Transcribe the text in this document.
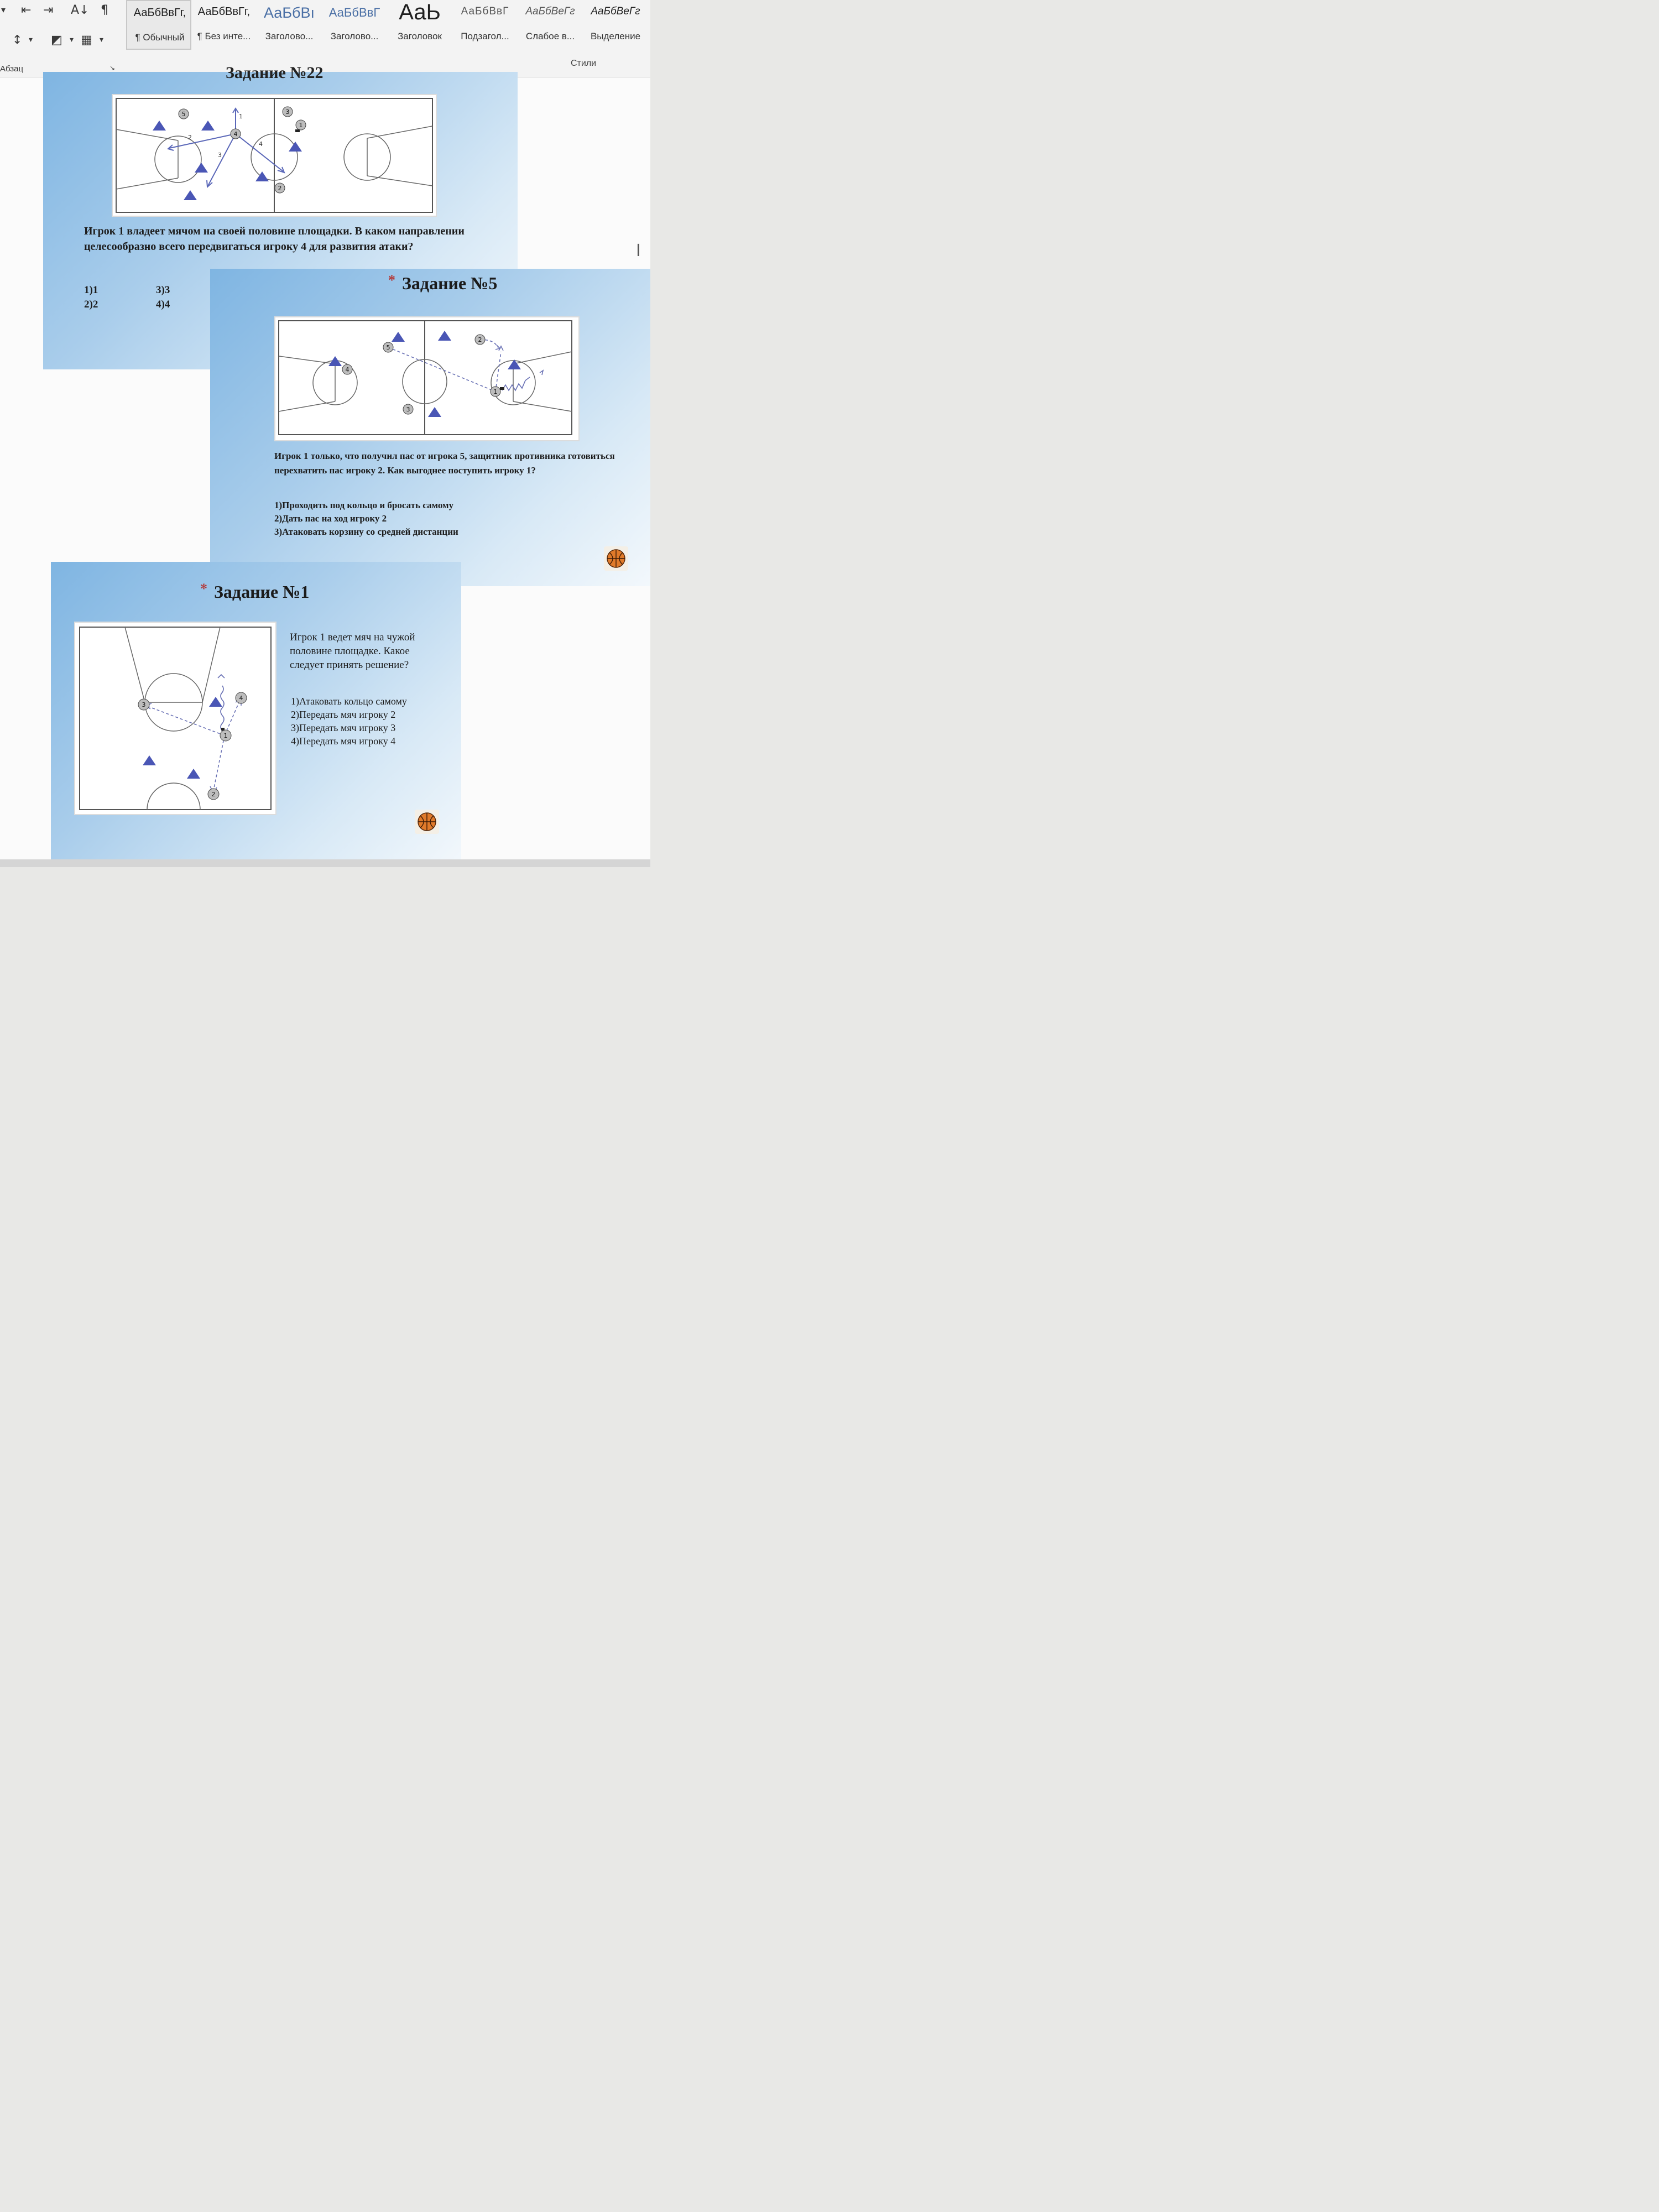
▾ ⇤ ⇥ A↓ ¶
↕ ▾ ◩ ▾ ▦ ▾
Абзац	↘
АаБбВвГг,
¶ Обычный
АаБбВвГг,
¶ Без инте...
АаБбВı
Заголово...
АаБбВвГ
Заголово...
АаЬ
Заголовок
АаБбВвГ
Подзагол...
АаБбВеГг
Слабое в...
АаБбВеГг
Выделение
Стили
Задание №22
1
2
3
4
5	3
1
4
2
Игрок 1 владеет мячом на своей половине площадки. В каком направлении целесообразно всего передвигаться игроку 4 для развития атаки?
1)1
2)2
3)3
4)4
* Задание №5
5
2
4
1
3
Игрок 1 только, что получил пас от игрока 5, защитник противника готовиться перехватить пас игроку 2. Как выгоднее поступить игроку 1?
1)Проходить под кольцо и бросать самому
2)Дать пас на ход игроку 2
3)Атаковать корзину со средней дистанции
* Задание №1
3
4
1
2
Игрок 1 ведет мяч на чужой половине площадке. Какое следует принять решение?
1)Атаковать кольцо самому
2)Передать мяч игроку 2
3)Передать мяч игроку 3
4)Передать мяч игроку 4
I
